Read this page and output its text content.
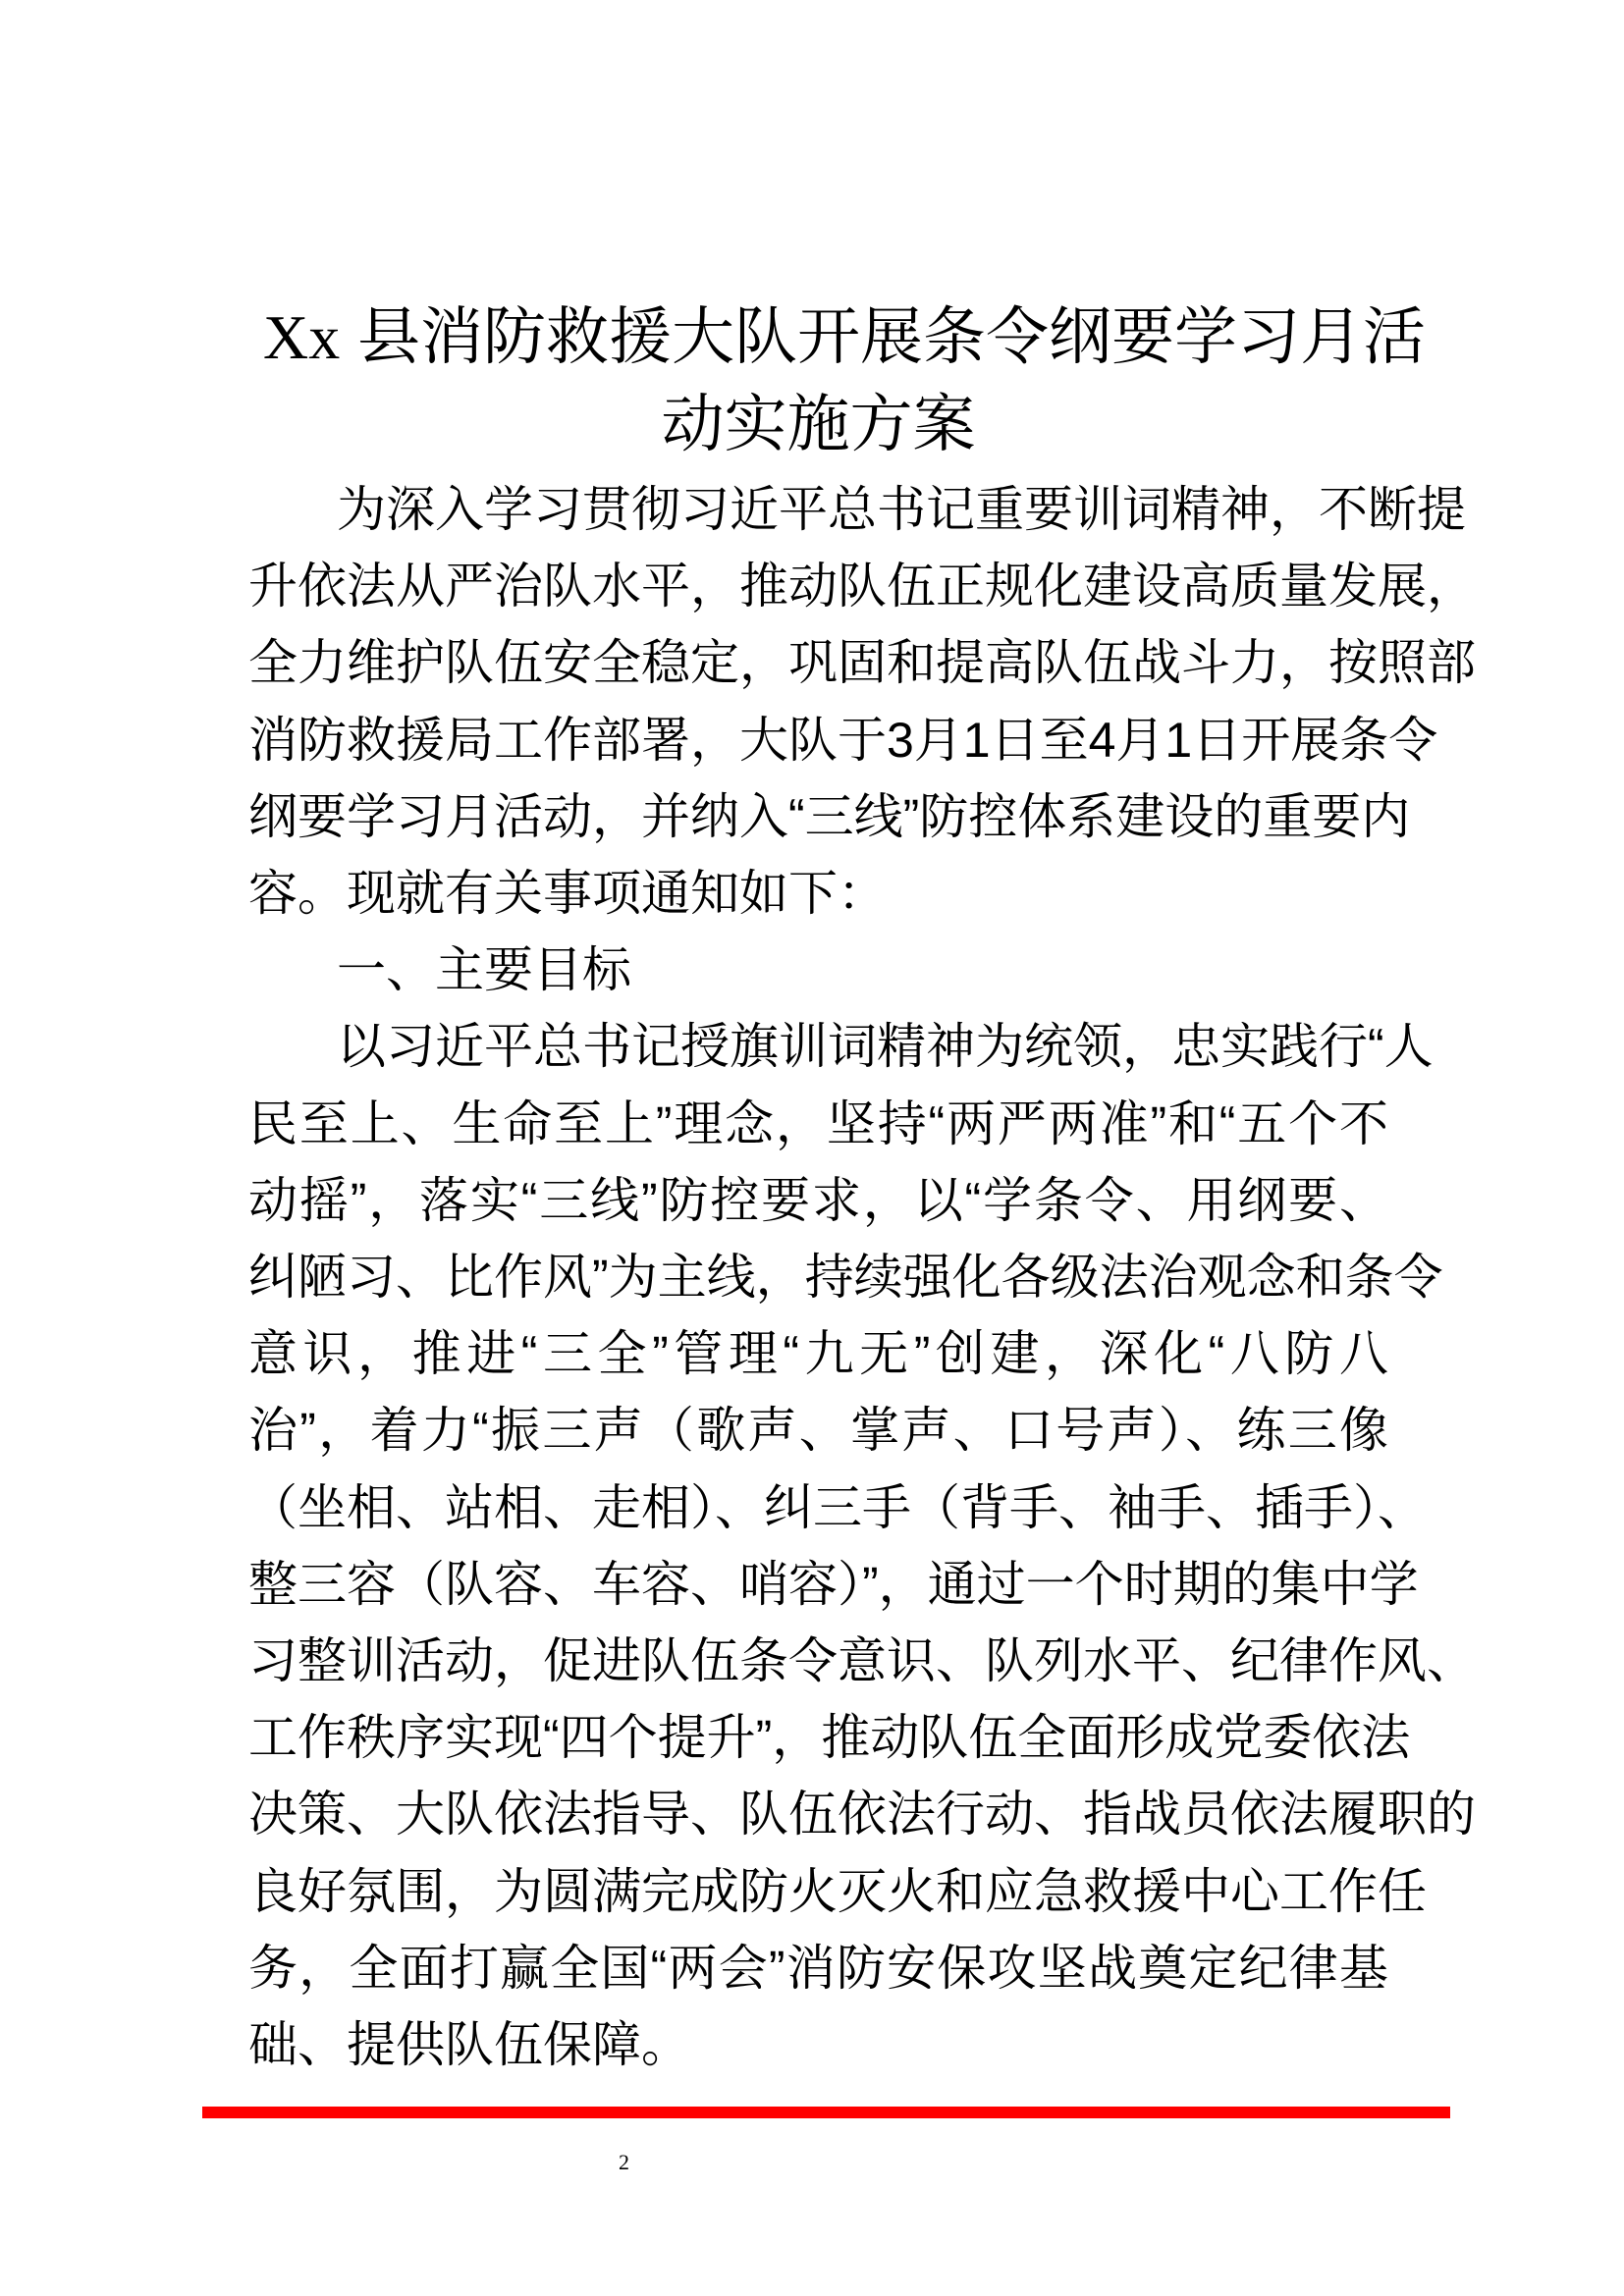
Xx 县消防救援大队开展条令纲要学习月活
动实施方案
为深入学习贯彻习近平总书记重要训词精神，不断提
升依法从严治队水平，推动队伍正规化建设高质量发展，
全力维护队伍安全稳定，巩固和提高队伍战斗力，按照部
消防救援局工作部署，大队于3月1日至4月1日开展条令
纲要学习月活动，并纳入“三线”防控体系建设的重要内
容。现就有关事项通知如下：
一、主要目标
以习近平总书记授旗训词精神为统领，忠实践行“人
民至上、生命至上”理念，坚持“两严两准”和“五个不
动摇”，落实“三线”防控要求，以“学条令、用纲要、
纠陋习、比作风”为主线，持续强化各级法治观念和条令
意识，推进“三全”管理“九无”创建，深化“八防八
治”，着力“振三声（歌声、掌声、口号声）、练三像
（坐相、站相、走相）、纠三手（背手、袖手、插手）、
整三容（队容、车容、哨容）”，通过一个时期的集中学
习整训活动，促进队伍条令意识、队列水平、纪律作风、
工作秩序实现“四个提升”，推动队伍全面形成党委依法
决策、大队依法指导、队伍依法行动、指战员依法履职的
良好氛围，为圆满完成防火灭火和应急救援中心工作任
务，全面打赢全国“两会”消防安保攻坚战奠定纪律基
础、提供队伍保障。
2
